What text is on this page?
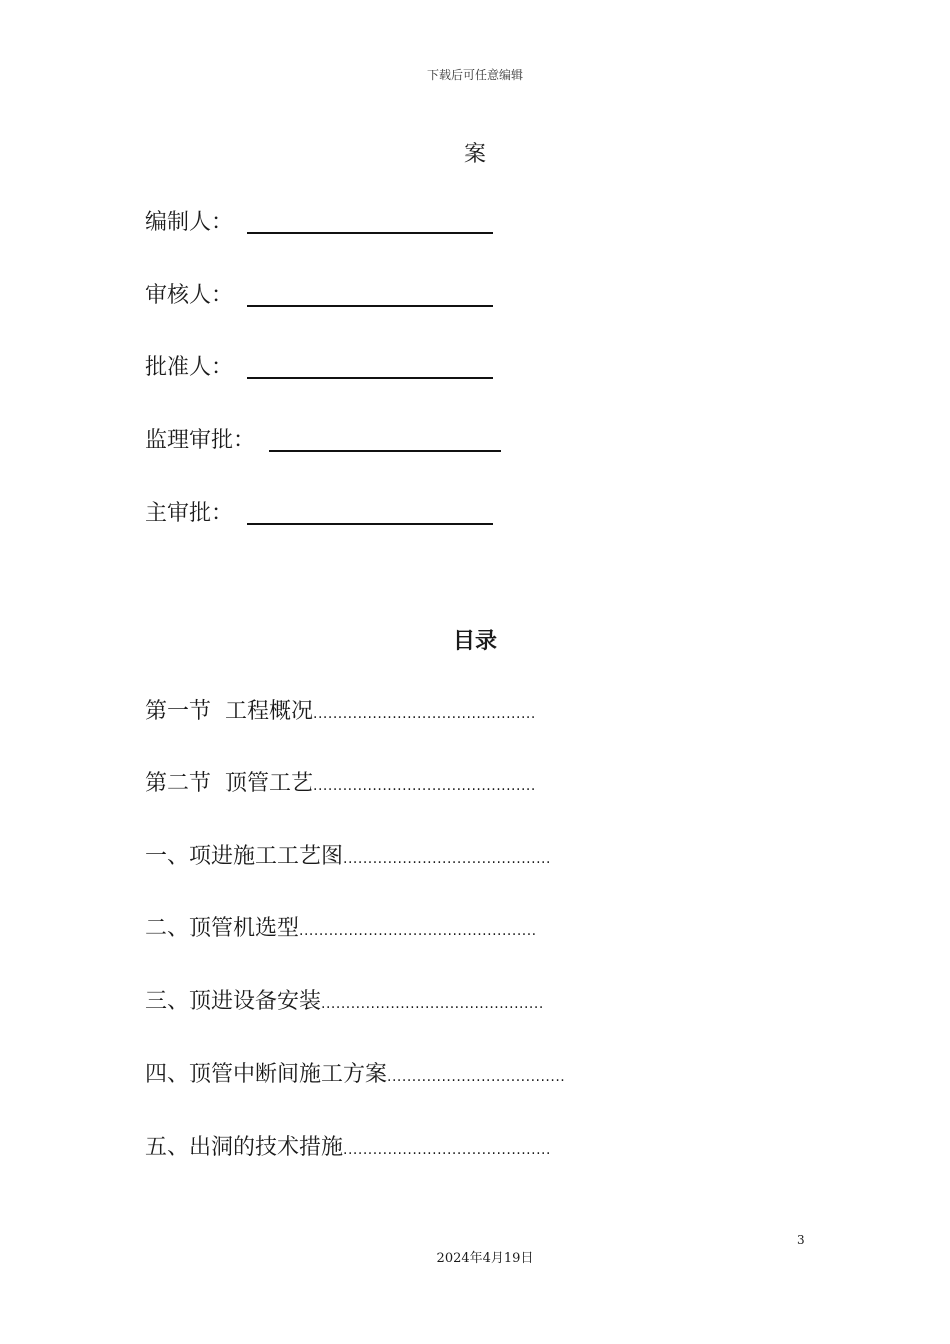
下载后可任意编辑
案
编制人：
审核人：
批准人：
监理审批：
主审批：
目录
第一节 工程概况.............................................
第二节 顶管工艺.............................................
一、项进施工工艺图..........................................
二、顶管机选型................................................
三、顶进设备安装.............................................
四、顶管中断间施工方案....................................
五、出洞的技术措施..........................................
3
2024年4月19日
